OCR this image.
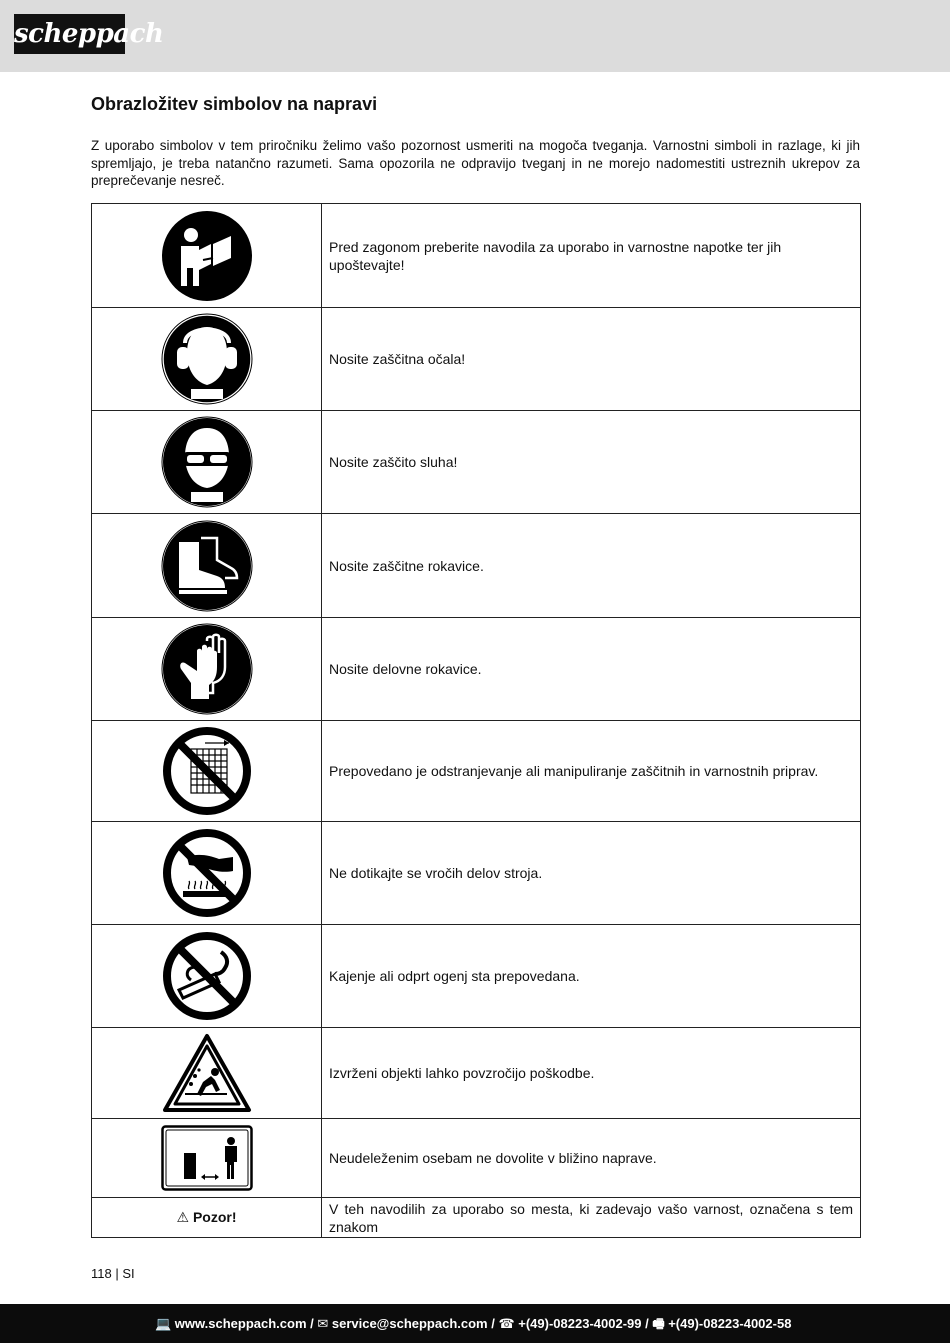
scheppach
Obrazložitev simbolov na napravi

Z uporabo simbolov v tem priročniku želimo vašo pozornost usmeriti na mogoča tveganja. Varnostni simboli in razlage, ki jih spremljajo, je treba natančno razumeti. Sama opozorila ne odpravijo tveganj in ne morejo nadomestiti ustreznih ukrepov za preprečevanje nesreč.

	Pred zagonom preberite navodila za uporabo in varnostne napotke ter jih upoštevajte!

	Nosite zaščitna očala!

	Nosite zaščito sluha!

	Nosite zaščitne rokavice.

	Nosite delovne rokavice.

	Prepovedano je odstranjevanje ali manipuliranje zaščitnih in varnostnih priprav.

	Ne dotikajte se vročih delov stroja.

	Kajenje ali odprt ogenj sta prepovedana.

	Izvrženi objekti lahko povzročijo poškodbe.

	Neudeleženim osebam ne dovolite v bližino naprave.
⚠ Pozor!	V teh navodilih za uporabo so mesta, ki zadevajo vašo varnost, označena s tem znakom
118 | SI
💻 www.scheppach.com / ✉ service@scheppach.com / ☎ +(49)-08223-4002-99 / 🖷 +(49)-08223-4002-58
